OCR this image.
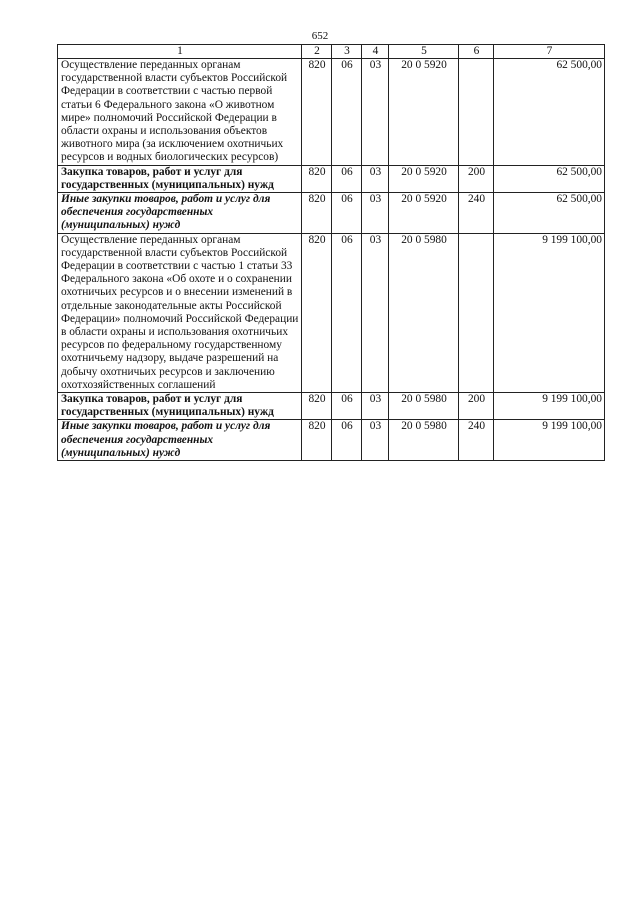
652
1	2	3	4	5	6	7
Осуществление переданных органам государственной власти субъектов Российской Федерации в соответствии с частью первой статьи 6 Федерального закона «О животном мире» полномочий Российской Федерации в области охраны и использования объектов животного мира (за исключением охотничьих ресурсов и водных биологических ресурсов)	820	06	03	20 0 5920		62 500,00
Закупка товаров, работ и услуг для государственных (муниципальных) нужд	820	06	03	20 0 5920	200	62 500,00
Иные закупки товаров, работ и услуг для обеспечения государственных (муниципальных) нужд	820	06	03	20 0 5920	240	62 500,00
Осуществление переданных органам государственной власти субъектов Российской Федерации в соответствии с частью 1 статьи 33 Федерального закона «Об охоте и о сохранении охотничьих ресурсов и о внесении изменений в отдельные законодательные акты Российской Федерации» полномочий Российской Федерации в области охраны и использования охотничьих ресурсов по федеральному государственному охотничьему надзору, выдаче разрешений на добычу охотничьих ресурсов и заключению охотхозяйственных соглашений	820	06	03	20 0 5980		9 199 100,00
Закупка товаров, работ и услуг для государственных (муниципальных) нужд	820	06	03	20 0 5980	200	9 199 100,00
Иные закупки товаров, работ и услуг для обеспечения государственных (муниципальных) нужд	820	06	03	20 0 5980	240	9 199 100,00
